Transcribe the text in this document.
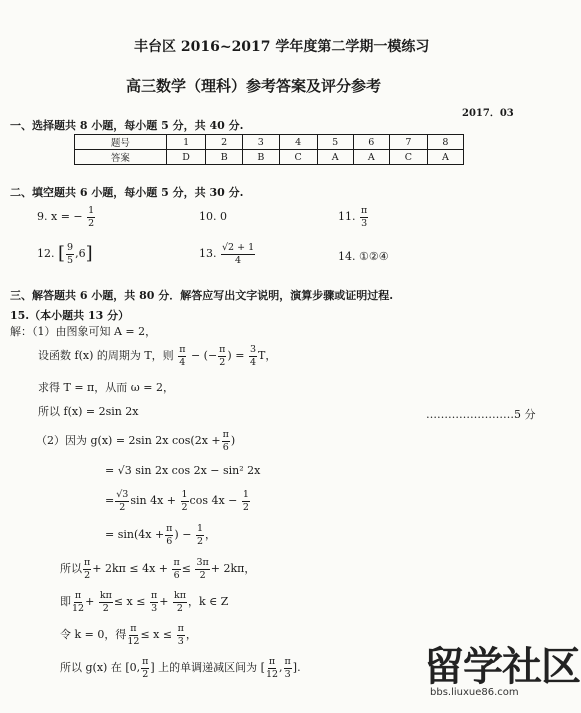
丰台区 2016~2017 学年度第二学期一模练习
高三数学（理科）参考答案及评分参考
2017．03
一、选择题共 8 小题，每小题 5 分，共 40 分.
题号	1	2	3	4	5	6	7	8
答案	D	B	B	C	A	A	C	A
二、填空题共 6 小题，每小题 5 分，共 30 分.
9. x = − $\frac{1}{2}$	10. 0	11. $\frac{\pi}{3}$
12. [ $\frac{9}{5} ,6$]	13. $\frac{√2 + 1}{4}$	14. ①②④
三、解答题共 6 小题，共 80 分．解答应写出文字说明，演算步骤或证明过程.
15.（本小题共 13 分）
解：（1）由图象可知 A = 2，
设函数 f(x) 的周期为 T，则 $\frac{\pi}{4}$ − (− $\frac{\pi}{2}$ ) = $\frac{3}{4}$ T，
求得 T = π，从而 ω = 2，
所以 f(x) = 2sin 2x	……………………5 分
（2）因为 g(x) = 2sin 2x $\cos(2x + \frac{\pi}{6}$ )
= √3 sin 2x cos 2x − sin² 2x
= $\frac{√3}{2}$ $\sin 4x + \frac{1}{2}$ $\cos 4x - \frac{1}{2}$
= $\sin(4x + \frac{\pi}{6}$ ) − $\frac{1}{2}$ ，
所以 $\frac{\pi}{2} + 2k\pi \le 4x + \frac{\pi}{6} \le \frac{3\pi}{2} + 2k\pi$，
即 $\frac{\pi}{12} + \frac{k\pi}{2} \le x \le \frac{\pi}{3} + \frac{k\pi}{2}$ ，k ∈ Z
令 k = 0，得 $\frac{\pi}{12} \le x \le \frac{\pi}{3}$ ，
所以 g(x) 在 [0, $\frac{\pi}{2}$ ] 上的单调递减区间为 [ $\frac{\pi}{12}$ , $\frac{\pi}{3}$ ].	留学社区
bbs.liuxue86.com
